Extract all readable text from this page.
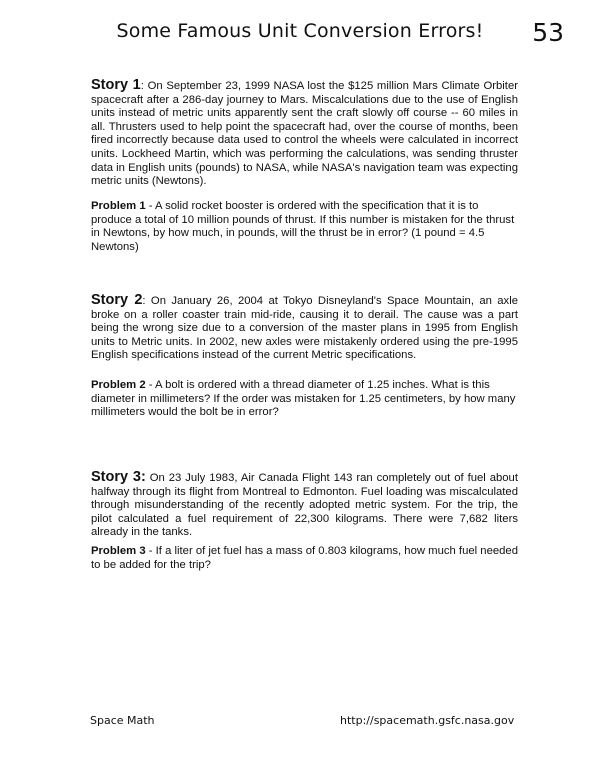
Some Famous Unit Conversion Errors!	53

Story 1: On September 23, 1999 NASA lost the $125 million Mars Climate Orbiter spacecraft after a 286-day journey to Mars. Miscalculations due to the use of English units instead of metric units apparently sent the craft slowly off course -- 60 miles in all. Thrusters used to help point the spacecraft had, over the course of months, been fired incorrectly because data used to control the wheels were calculated in incorrect units. Lockheed Martin, which was performing the calculations, was sending thruster data in English units (pounds) to NASA, while NASA's navigation team was expecting metric units (Newtons).

Problem 1 - A solid rocket booster is ordered with the specification that it is to produce a total of 10 million pounds of thrust. If this number is mistaken for the thrust in Newtons, by how much, in pounds, will the thrust be in error? (1 pound = 4.5 Newtons)

Story 2: On January 26, 2004 at Tokyo Disneyland's Space Mountain, an axle broke on a roller coaster train mid-ride, causing it to derail. The cause was a part being the wrong size due to a conversion of the master plans in 1995 from English units to Metric units. In 2002, new axles were mistakenly ordered using the pre-1995 English specifications instead of the current Metric specifications.

Problem 2 - A bolt is ordered with a thread diameter of 1.25 inches. What is this diameter in millimeters? If the order was mistaken for 1.25 centimeters, by how many millimeters would the bolt be in error?

Story 3: On 23 July 1983, Air Canada Flight 143 ran completely out of fuel about halfway through its flight from Montreal to Edmonton. Fuel loading was miscalculated through misunderstanding of the recently adopted metric system. For the trip, the pilot calculated a fuel requirement of 22,300 kilograms. There were 7,682 liters already in the tanks.

Problem 3 - If a liter of jet fuel has a mass of 0.803 kilograms, how much fuel needed to be added for the trip?

Space Math	http://spacemath.gsfc.nasa.gov
